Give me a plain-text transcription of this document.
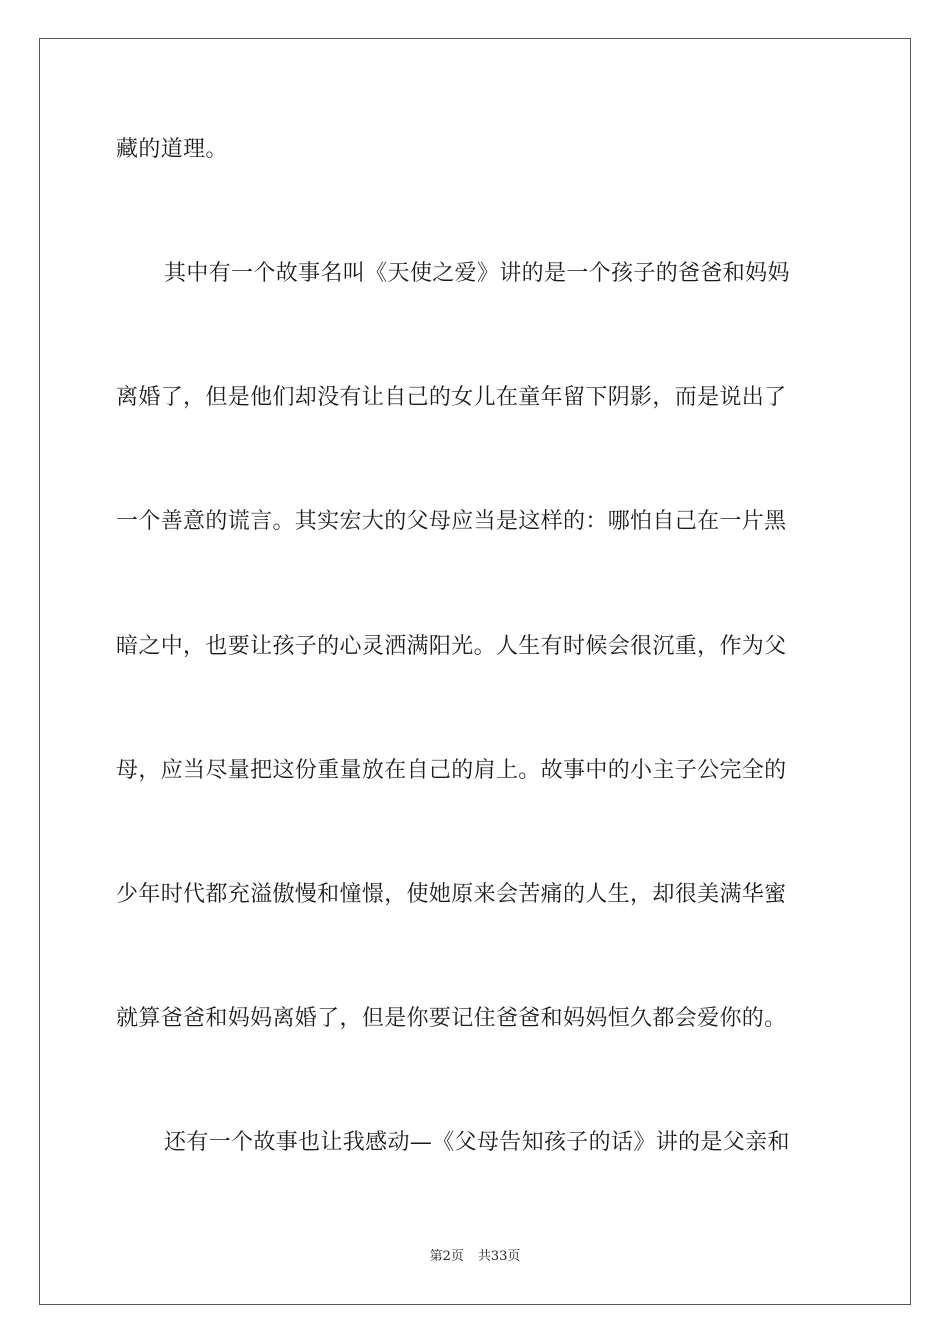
藏的道理。
其中有一个故事名叫《天使之爱》讲的是一个孩子的爸爸和妈妈
离婚了，但是他们却没有让自己的女儿在童年留下阴影，而是说出了
一个善意的谎言。其实宏大的父母应当是这样的：哪怕自己在一片黑
暗之中，也要让孩子的心灵洒满阳光。人生有时候会很沉重，作为父
母，应当尽量把这份重量放在自己的肩上。故事中的小主子公完全的
少年时代都充溢傲慢和憧憬，使她原来会苦痛的人生，却很美满华蜜
就算爸爸和妈妈离婚了，但是你要记住爸爸和妈妈恒久都会爱你的。
还有一个故事也让我感动—《父母告知孩子的话》讲的是父亲和
第2页 共33页
